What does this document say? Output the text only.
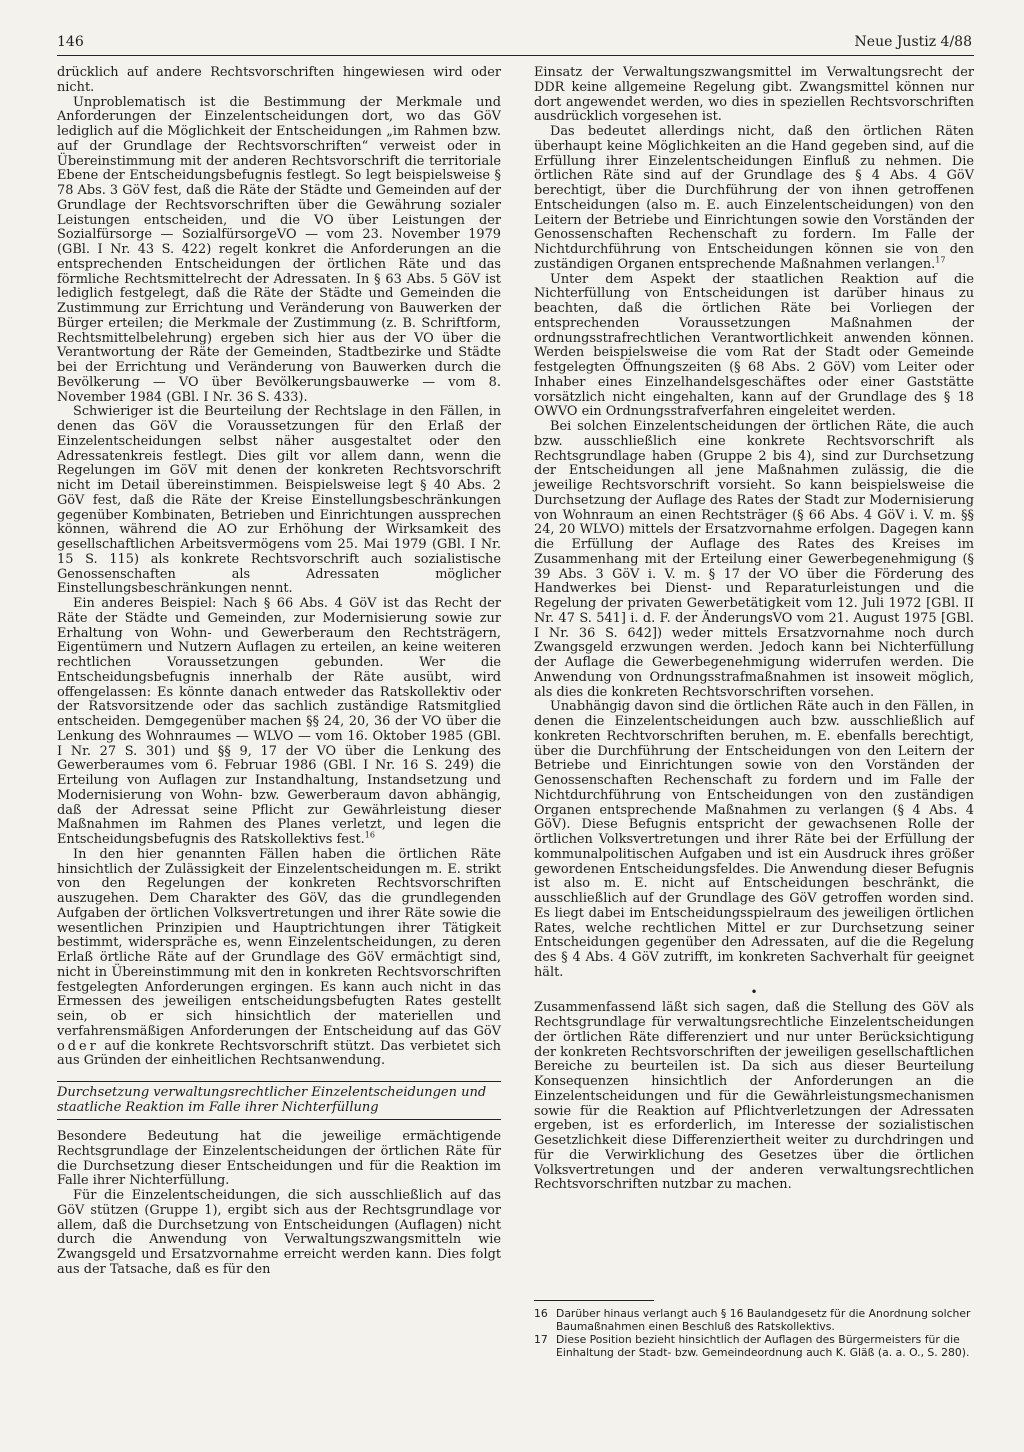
146	Neue Justiz 4/88

drücklich auf andere Rechtsvorschriften hingewiesen wird oder nicht.

Unproblematisch ist die Bestimmung der Merkmale und Anforderungen der Einzelentscheidungen dort, wo das GöV lediglich auf die Möglichkeit der Entscheidungen „im Rahmen bzw. auf der Grundlage der Rechtsvorschriften“ verweist oder in Übereinstimmung mit der anderen Rechtsvorschrift die territoriale Ebene der Entscheidungsbefugnis festlegt. So legt beispielsweise § 78 Abs. 3 GöV fest, daß die Räte der Städte und Gemeinden auf der Grundlage der Rechtsvorschriften über die Gewährung sozialer Leistungen entscheiden, und die VO über Leistungen der Sozialfürsorge — SozialfürsorgeVO — vom 23. November 1979 (GBl. I Nr. 43 S. 422) regelt konkret die Anforderungen an die entsprechenden Entscheidungen der örtlichen Räte und das förmliche Rechtsmittelrecht der Adressaten. In § 63 Abs. 5 GöV ist lediglich festgelegt, daß die Räte der Städte und Gemeinden die Zustimmung zur Errichtung und Veränderung von Bauwerken der Bürger erteilen; die Merkmale der Zustimmung (z. B. Schriftform, Rechtsmittelbelehrung) ergeben sich hier aus der VO über die Verantwortung der Räte der Gemeinden, Stadtbezirke und Städte bei der Errichtung und Veränderung von Bauwerken durch die Bevölkerung — VO über Bevölkerungsbauwerke — vom 8. November 1984 (GBl. I Nr. 36 S. 433).

Schwieriger ist die Beurteilung der Rechtslage in den Fällen, in denen das GöV die Voraussetzungen für den Erlaß der Einzelentscheidungen selbst näher ausgestaltet oder den Adressatenkreis festlegt. Dies gilt vor allem dann, wenn die Regelungen im GöV mit denen der konkreten Rechtsvorschrift nicht im Detail übereinstimmen. Beispielsweise legt § 40 Abs. 2 GöV fest, daß die Räte der Kreise Einstellungsbeschränkungen gegenüber Kombinaten, Betrieben und Einrichtungen aussprechen können, während die AO zur Erhöhung der Wirksamkeit des gesellschaftlichen Arbeitsvermögens vom 25. Mai 1979 (GBl. I Nr. 15 S. 115) als konkrete Rechtsvorschrift auch sozialistische Genossenschaften als Adressaten möglicher Einstellungsbeschränkungen nennt.

Ein anderes Beispiel: Nach § 66 Abs. 4 GöV ist das Recht der Räte der Städte und Gemeinden, zur Modernisierung sowie zur Erhaltung von Wohn- und Gewerberaum den Rechtsträgern, Eigentümern und Nutzern Auflagen zu erteilen, an keine weiteren rechtlichen Voraussetzungen gebunden. Wer die Entscheidungsbefugnis innerhalb der Räte ausübt, wird offengelassen: Es könnte danach entweder das Ratskollektiv oder der Ratsvorsitzende oder das sachlich zuständige Ratsmitglied entscheiden. Demgegenüber machen §§ 24, 20, 36 der VO über die Lenkung des Wohnraumes — WLVO — vom 16. Oktober 1985 (GBl. I Nr. 27 S. 301) und §§ 9, 17 der VO über die Lenkung des Gewerberaumes vom 6. Februar 1986 (GBl. I Nr. 16 S. 249) die Erteilung von Auflagen zur Instandhaltung, Instandsetzung und Modernisierung von Wohn- bzw. Gewerberaum davon abhängig, daß der Adressat seine Pflicht zur Gewährleistung dieser Maßnahmen im Rahmen des Planes verletzt, und legen die Entscheidungsbefugnis des Ratskollektivs fest.$^{16}$

In den hier genannten Fällen haben die örtlichen Räte hinsichtlich der Zulässigkeit der Einzelentscheidungen m. E. strikt von den Regelungen der konkreten Rechtsvorschriften auszugehen. Dem Charakter des GöV, das die grundlegenden Aufgaben der örtlichen Volksvertretungen und ihrer Räte sowie die wesentlichen Prinzipien und Hauptrichtungen ihrer Tätigkeit bestimmt, widerspräche es, wenn Einzelentscheidungen, zu deren Erlaß örtliche Räte auf der Grundlage des GöV ermächtigt sind, nicht in Übereinstimmung mit den in konkreten Rechtsvorschriften festgelegten Anforderungen ergingen. Es kann auch nicht in das Ermessen des jeweiligen entscheidungsbefugten Rates gestellt sein, ob er sich hinsichtlich der materiellen und verfahrensmäßigen Anforderungen der Entscheidung auf das GöV oder auf die konkrete Rechtsvorschrift stützt. Das verbietet sich aus Gründen der einheitlichen Rechtsanwendung.

Durchsetzung verwaltungsrechtlicher Einzelentscheidungen und staatliche Reaktion im Falle ihrer Nichterfüllung

Besondere Bedeutung hat die jeweilige ermächtigende Rechtsgrundlage der Einzelentscheidungen der örtlichen Räte für die Durchsetzung dieser Entscheidungen und für die Reaktion im Falle ihrer Nichterfüllung.

Für die Einzelentscheidungen, die sich ausschließlich auf das GöV stützen (Gruppe 1), ergibt sich aus der Rechtsgrundlage vor allem, daß die Durchsetzung von Entscheidungen (Auflagen) nicht durch die Anwendung von Verwaltungszwangsmitteln wie Zwangsgeld und Ersatzvornahme erreicht werden kann. Dies folgt aus der Tatsache, daß es für den

Einsatz der Verwaltungszwangsmittel im Verwaltungsrecht der DDR keine allgemeine Regelung gibt. Zwangsmittel können nur dort angewendet werden, wo dies in speziellen Rechtsvorschriften ausdrücklich vorgesehen ist.

Das bedeutet allerdings nicht, daß den örtlichen Räten überhaupt keine Möglichkeiten an die Hand gegeben sind, auf die Erfüllung ihrer Einzelentscheidungen Einfluß zu nehmen. Die örtlichen Räte sind auf der Grundlage des § 4 Abs. 4 GöV berechtigt, über die Durchführung der von ihnen getroffenen Entscheidungen (also m. E. auch Einzelentscheidungen) von den Leitern der Betriebe und Einrichtungen sowie den Vorständen der Genossenschaften Rechenschaft zu fordern. Im Falle der Nichtdurchführung von Entscheidungen können sie von den zuständigen Organen entsprechende Maßnahmen verlangen.$^{17}$

Unter dem Aspekt der staatlichen Reaktion auf die Nichterfüllung von Entscheidungen ist darüber hinaus zu beachten, daß die örtlichen Räte bei Vorliegen der entsprechenden Voraussetzungen Maßnahmen der ordnungsstrafrechtlichen Verantwortlichkeit anwenden können. Werden beispielsweise die vom Rat der Stadt oder Gemeinde festgelegten Öffnungszeiten (§ 68 Abs. 2 GöV) vom Leiter oder Inhaber eines Einzelhandelsgeschäftes oder einer Gaststätte vorsätzlich nicht eingehalten, kann auf der Grundlage des § 18 OWVO ein Ordnungsstrafverfahren eingeleitet werden.

Bei solchen Einzelentscheidungen der örtlichen Räte, die auch bzw. ausschließlich eine konkrete Rechtsvorschrift als Rechtsgrundlage haben (Gruppe 2 bis 4), sind zur Durchsetzung der Entscheidungen all jene Maßnahmen zulässig, die die jeweilige Rechtsvorschrift vorsieht. So kann beispielsweise die Durchsetzung der Auflage des Rates der Stadt zur Modernisierung von Wohnraum an einen Rechtsträger (§ 66 Abs. 4 GöV i. V. m. §§ 24, 20 WLVO) mittels der Ersatzvornahme erfolgen. Dagegen kann die Erfüllung der Auflage des Rates des Kreises im Zusammenhang mit der Erteilung einer Gewerbegenehmigung (§ 39 Abs. 3 GöV i. V. m. § 17 der VO über die Förderung des Handwerkes bei Dienst- und Reparaturleistungen und die Regelung der privaten Gewerbetätigkeit vom 12. Juli 1972 [GBl. II Nr. 47 S. 541] i. d. F. der ÄnderungsVO vom 21. August 1975 [GBl. I Nr. 36 S. 642]) weder mittels Ersatzvornahme noch durch Zwangsgeld erzwungen werden. Jedoch kann bei Nichterfüllung der Auflage die Gewerbegenehmigung widerrufen werden. Die Anwendung von Ordnungsstrafmaßnahmen ist insoweit möglich, als dies die konkreten Rechtsvorschriften vorsehen.

Unabhängig davon sind die örtlichen Räte auch in den Fällen, in denen die Einzelentscheidungen auch bzw. ausschließlich auf konkreten Rechtvorschriften beruhen, m. E. ebenfalls berechtigt, über die Durchführung der Entscheidungen von den Leitern der Betriebe und Einrichtungen sowie von den Vorständen der Genossenschaften Rechenschaft zu fordern und im Falle der Nichtdurchführung von Entscheidungen von den zuständigen Organen entsprechende Maßnahmen zu verlangen (§ 4 Abs. 4 GöV). Diese Befugnis entspricht der gewachsenen Rolle der örtlichen Volksvertretungen und ihrer Räte bei der Erfüllung der kommunalpolitischen Aufgaben und ist ein Ausdruck ihres größer gewordenen Entscheidungsfeldes. Die Anwendung dieser Befugnis ist also m. E. nicht auf Entscheidungen beschränkt, die ausschließlich auf der Grundlage des GöV getroffen worden sind. Es liegt dabei im Entscheidungsspielraum des jeweiligen örtlichen Rates, welche rechtlichen Mittel er zur Durchsetzung seiner Entscheidungen gegenüber den Adressaten, auf die die Regelung des § 4 Abs. 4 GöV zutrifft, im konkreten Sachverhalt für geeignet hält.

•

Zusammenfassend läßt sich sagen, daß die Stellung des GöV als Rechtsgrundlage für verwaltungsrechtliche Einzelentscheidungen der örtlichen Räte differenziert und nur unter Berücksichtigung der konkreten Rechtsvorschriften der jeweiligen gesellschaftlichen Bereiche zu beurteilen ist. Da sich aus dieser Beurteilung Konsequenzen hinsichtlich der Anforderungen an die Einzelentscheidungen und für die Gewährleistungsmechanismen sowie für die Reaktion auf Pflichtverletzungen der Adressaten ergeben, ist es erforderlich, im Interesse der sozialistischen Gesetzlichkeit diese Differenziertheit weiter zu durchdringen und für die Verwirklichung des Gesetzes über die örtlichen Volksvertretungen und der anderen verwaltungsrechtlichen Rechtsvorschriften nutzbar zu machen.

16 Darüber hinaus verlangt auch § 16 Baulandgesetz für die Anordnung solcher Baumaßnahmen einen Beschluß des Ratskollektivs.
17 Diese Position bezieht hinsichtlich der Auflagen des Bürgermeisters für die Einhaltung der Stadt- bzw. Gemeindeordnung auch K. Gläß (a. a. O., S. 280).
